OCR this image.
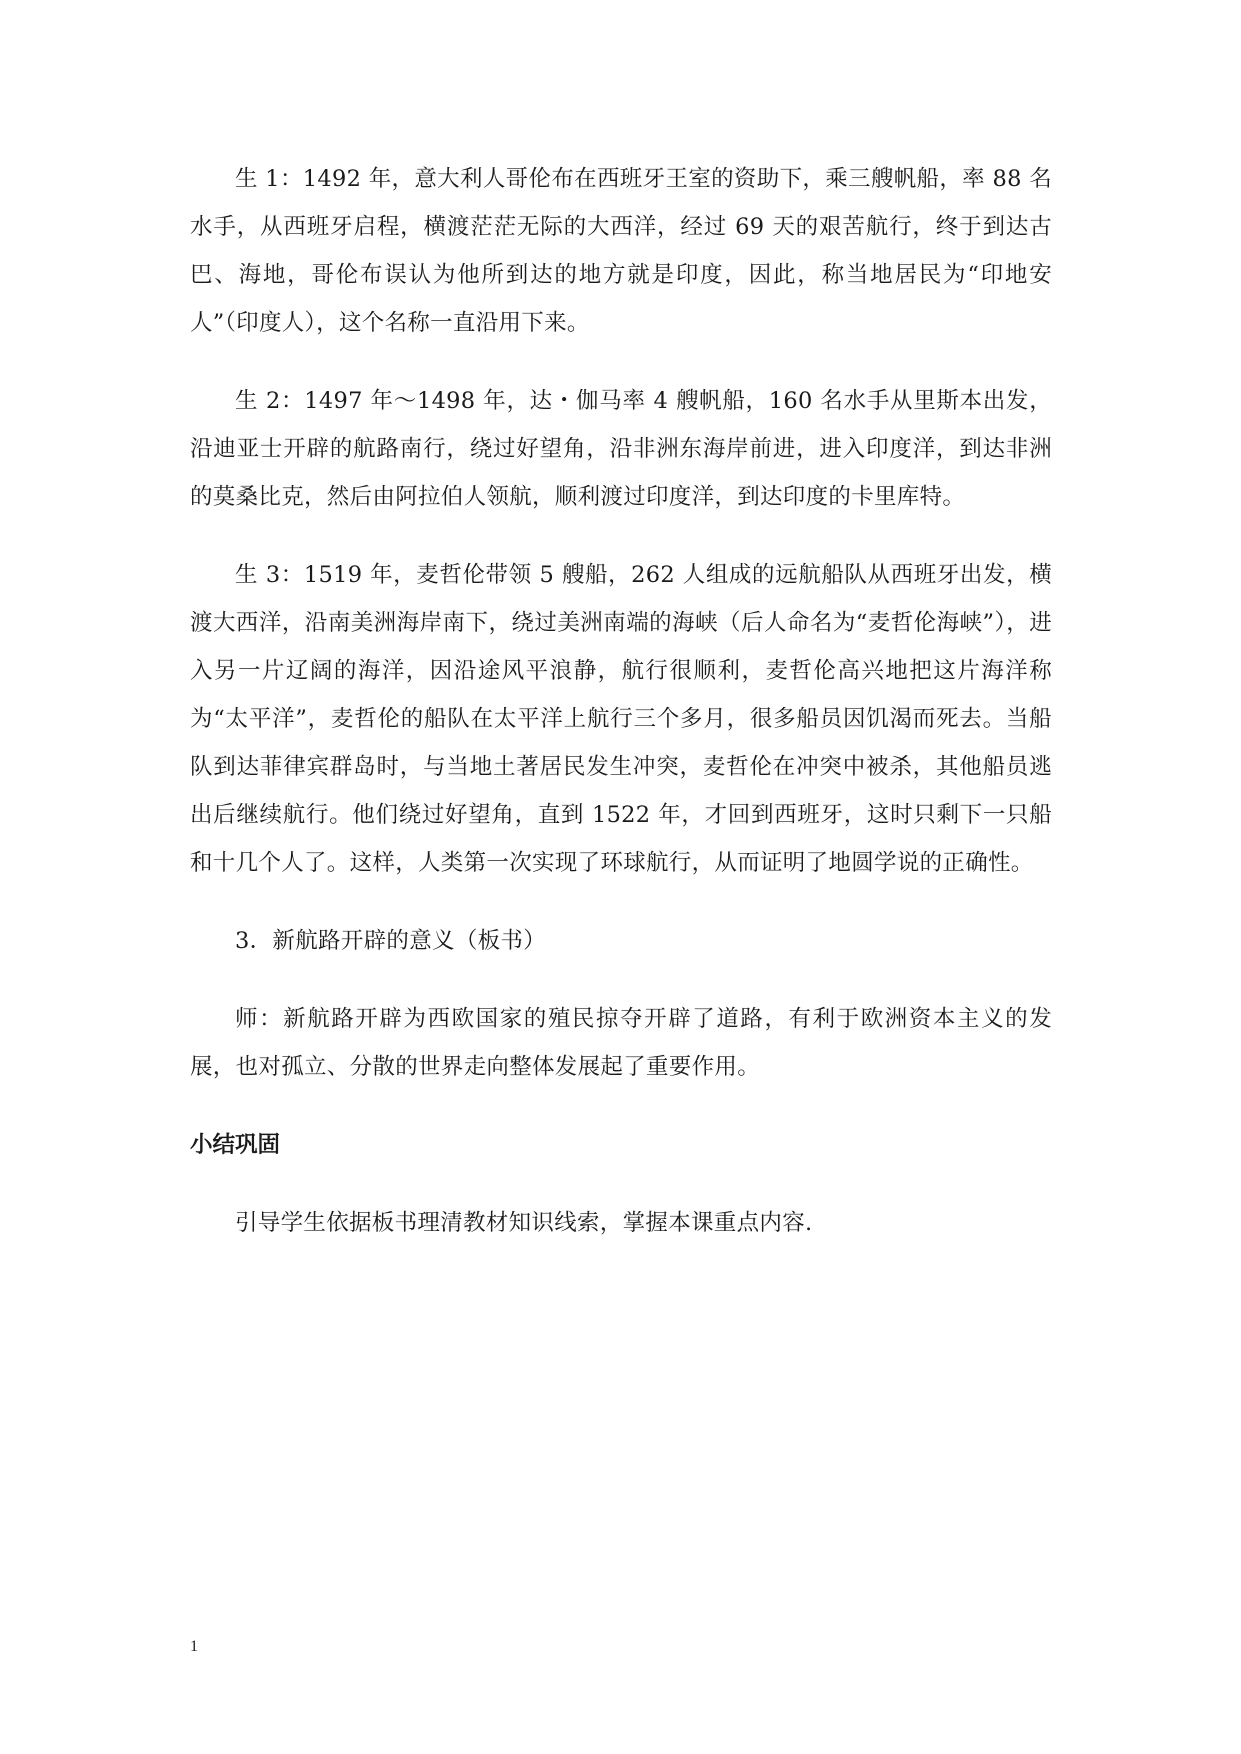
生 1：1492 年，意大利人哥伦布在西班牙王室的资助下，乘三艘帆船，率 88 名水手，从西班牙启程，横渡茫茫无际的大西洋，经过 69 天的艰苦航行，终于到达古巴、海地，哥伦布误认为他所到达的地方就是印度，因此，称当地居民为“印地安人”（印度人），这个名称一直沿用下来。

生 2：1497 年～1498 年，达・伽马率 4 艘帆船，160 名水手从里斯本出发，沿迪亚士开辟的航路南行，绕过好望角，沿非洲东海岸前进，进入印度洋，到达非洲的莫桑比克，然后由阿拉伯人领航，顺利渡过印度洋，到达印度的卡里库特。

生 3：1519 年，麦哲伦带领 5 艘船，262 人组成的远航船队从西班牙出发，横渡大西洋，沿南美洲海岸南下，绕过美洲南端的海峡（后人命名为“麦哲伦海峡”），进入另一片辽阔的海洋，因沿途风平浪静，航行很顺利，麦哲伦高兴地把这片海洋称为“太平洋”，麦哲伦的船队在太平洋上航行三个多月，很多船员因饥渴而死去。当船队到达菲律宾群岛时，与当地土著居民发生冲突，麦哲伦在冲突中被杀，其他船员逃出后继续航行。他们绕过好望角，直到 1522 年，才回到西班牙，这时只剩下一只船和十几个人了。这样，人类第一次实现了环球航行，从而证明了地圆学说的正确性。

3．新航路开辟的意义（板书）

师：新航路开辟为西欧国家的殖民掠夺开辟了道路，有利于欧洲资本主义的发展，也对孤立、分散的世界走向整体发展起了重要作用。

小结巩固

引导学生依据板书理清教材知识线索，掌握本课重点内容.

1
